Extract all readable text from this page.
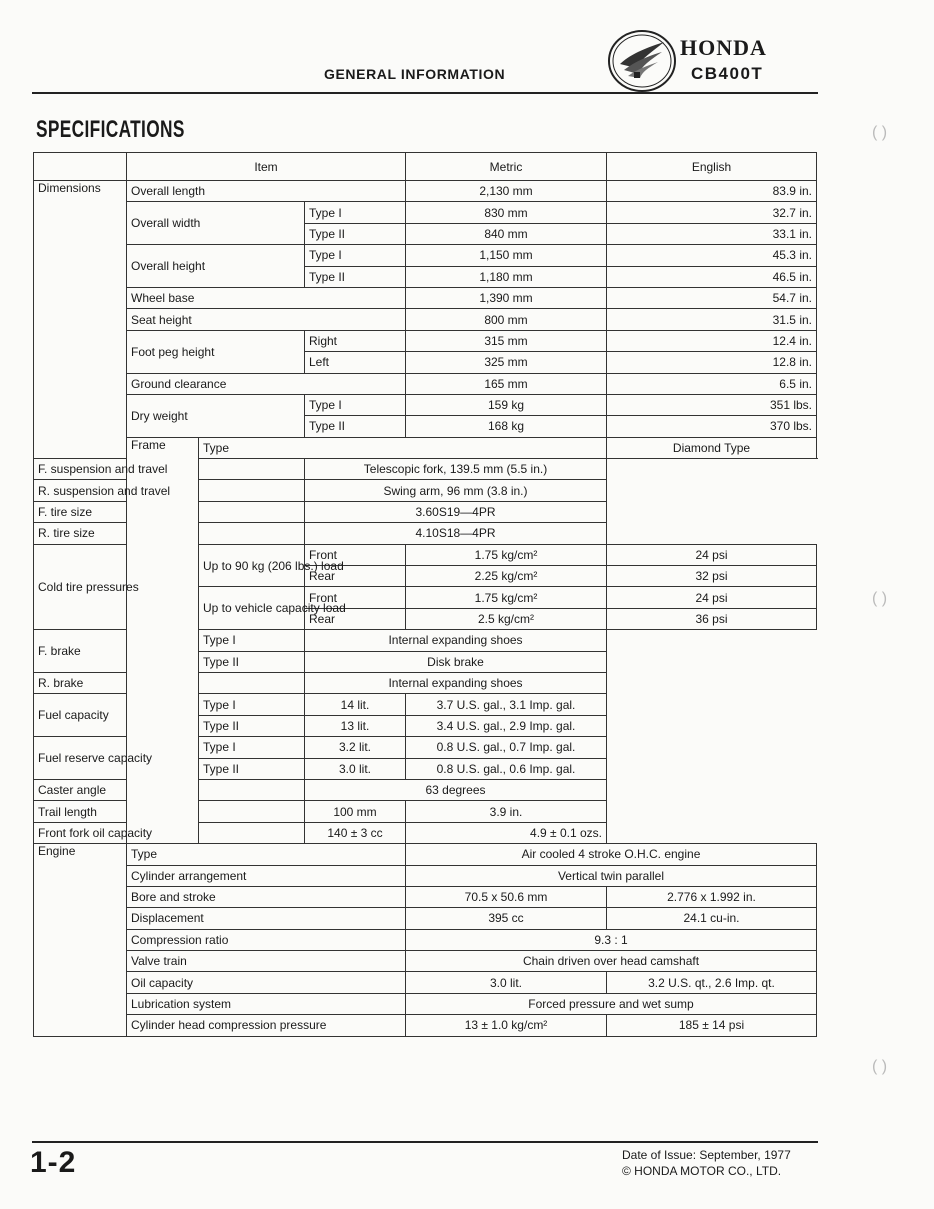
GENERAL INFORMATION
HONDA
CB400T
SPECIFICATIONS
	Item			Metric	English
Dimensions	Overall length			2,130 mm	83.9 in.
	Overall width		Type I	830 mm	32.7 in.
			Type II	840 mm	33.1 in.
	Overall height		Type I	1,150 mm	45.3 in.
			Type II	1,180 mm	46.5 in.
	Wheel base			1,390 mm	54.7 in.
	Seat height			800 mm	31.5 in.
	Foot peg height		Right	315 mm	12.4 in.
			Left	325 mm	12.8 in.
	Ground clearance			165 mm	6.5 in.
	Dry weight		Type I	159 kg	351 lbs.
			Type II	168 kg	370 lbs.
	Frame	Type			Diamond Type
F. suspension and travel			Telescopic fork, 139.5 mm (5.5 in.)		
R. suspension and travel			Swing arm, 96 mm (3.8 in.)		
F. tire size			3.60S19—4PR		
R. tire size			4.10S18—4PR		
Cold tire pressures		Up to 90 kg (206 lbs.) load	Front	1.75 kg/cm²	24 psi
			Rear	2.25 kg/cm²	32 psi
		Up to vehicle capacity load	Front	1.75 kg/cm²	24 psi
			Rear	2.5 kg/cm²	36 psi
F. brake		Type I	Internal expanding shoes		
		Type II	Disk brake		
R. brake			Internal expanding shoes		
Fuel capacity		Type I	14 lit.	3.7 U.S. gal., 3.1 Imp. gal.	
		Type II	13 lit.	3.4 U.S. gal., 2.9 Imp. gal.	
Fuel reserve capacity		Type I	3.2 lit.	0.8 U.S. gal., 0.7 Imp. gal.	
		Type II	3.0 lit.	0.8 U.S. gal., 0.6 Imp. gal.	
Caster angle			63 degrees		
Trail length			100 mm	3.9 in.	
Front fork oil capacity			140 ± 3 cc	4.9 ± 0.1 ozs.	
Engine	Type			Air cooled 4 stroke O.H.C. engine	
	Cylinder arrangement			Vertical twin parallel	
	Bore and stroke			70.5 x 50.6 mm	2.776 x 1.992 in.
	Displacement			395 cc	24.1 cu-in.
	Compression ratio			9.3 : 1	
	Valve train			Chain driven over head camshaft	
	Oil capacity			3.0 lit.	3.2 U.S. qt., 2.6 Imp. qt.
	Lubrication system			Forced pressure and wet sump	
	Cylinder head compression pressure			13 ± 1.0 kg/cm²	185 ± 14 psi
1-2	Date of Issue: September, 1977
© HONDA MOTOR CO., LTD.
( )
( )
( )
